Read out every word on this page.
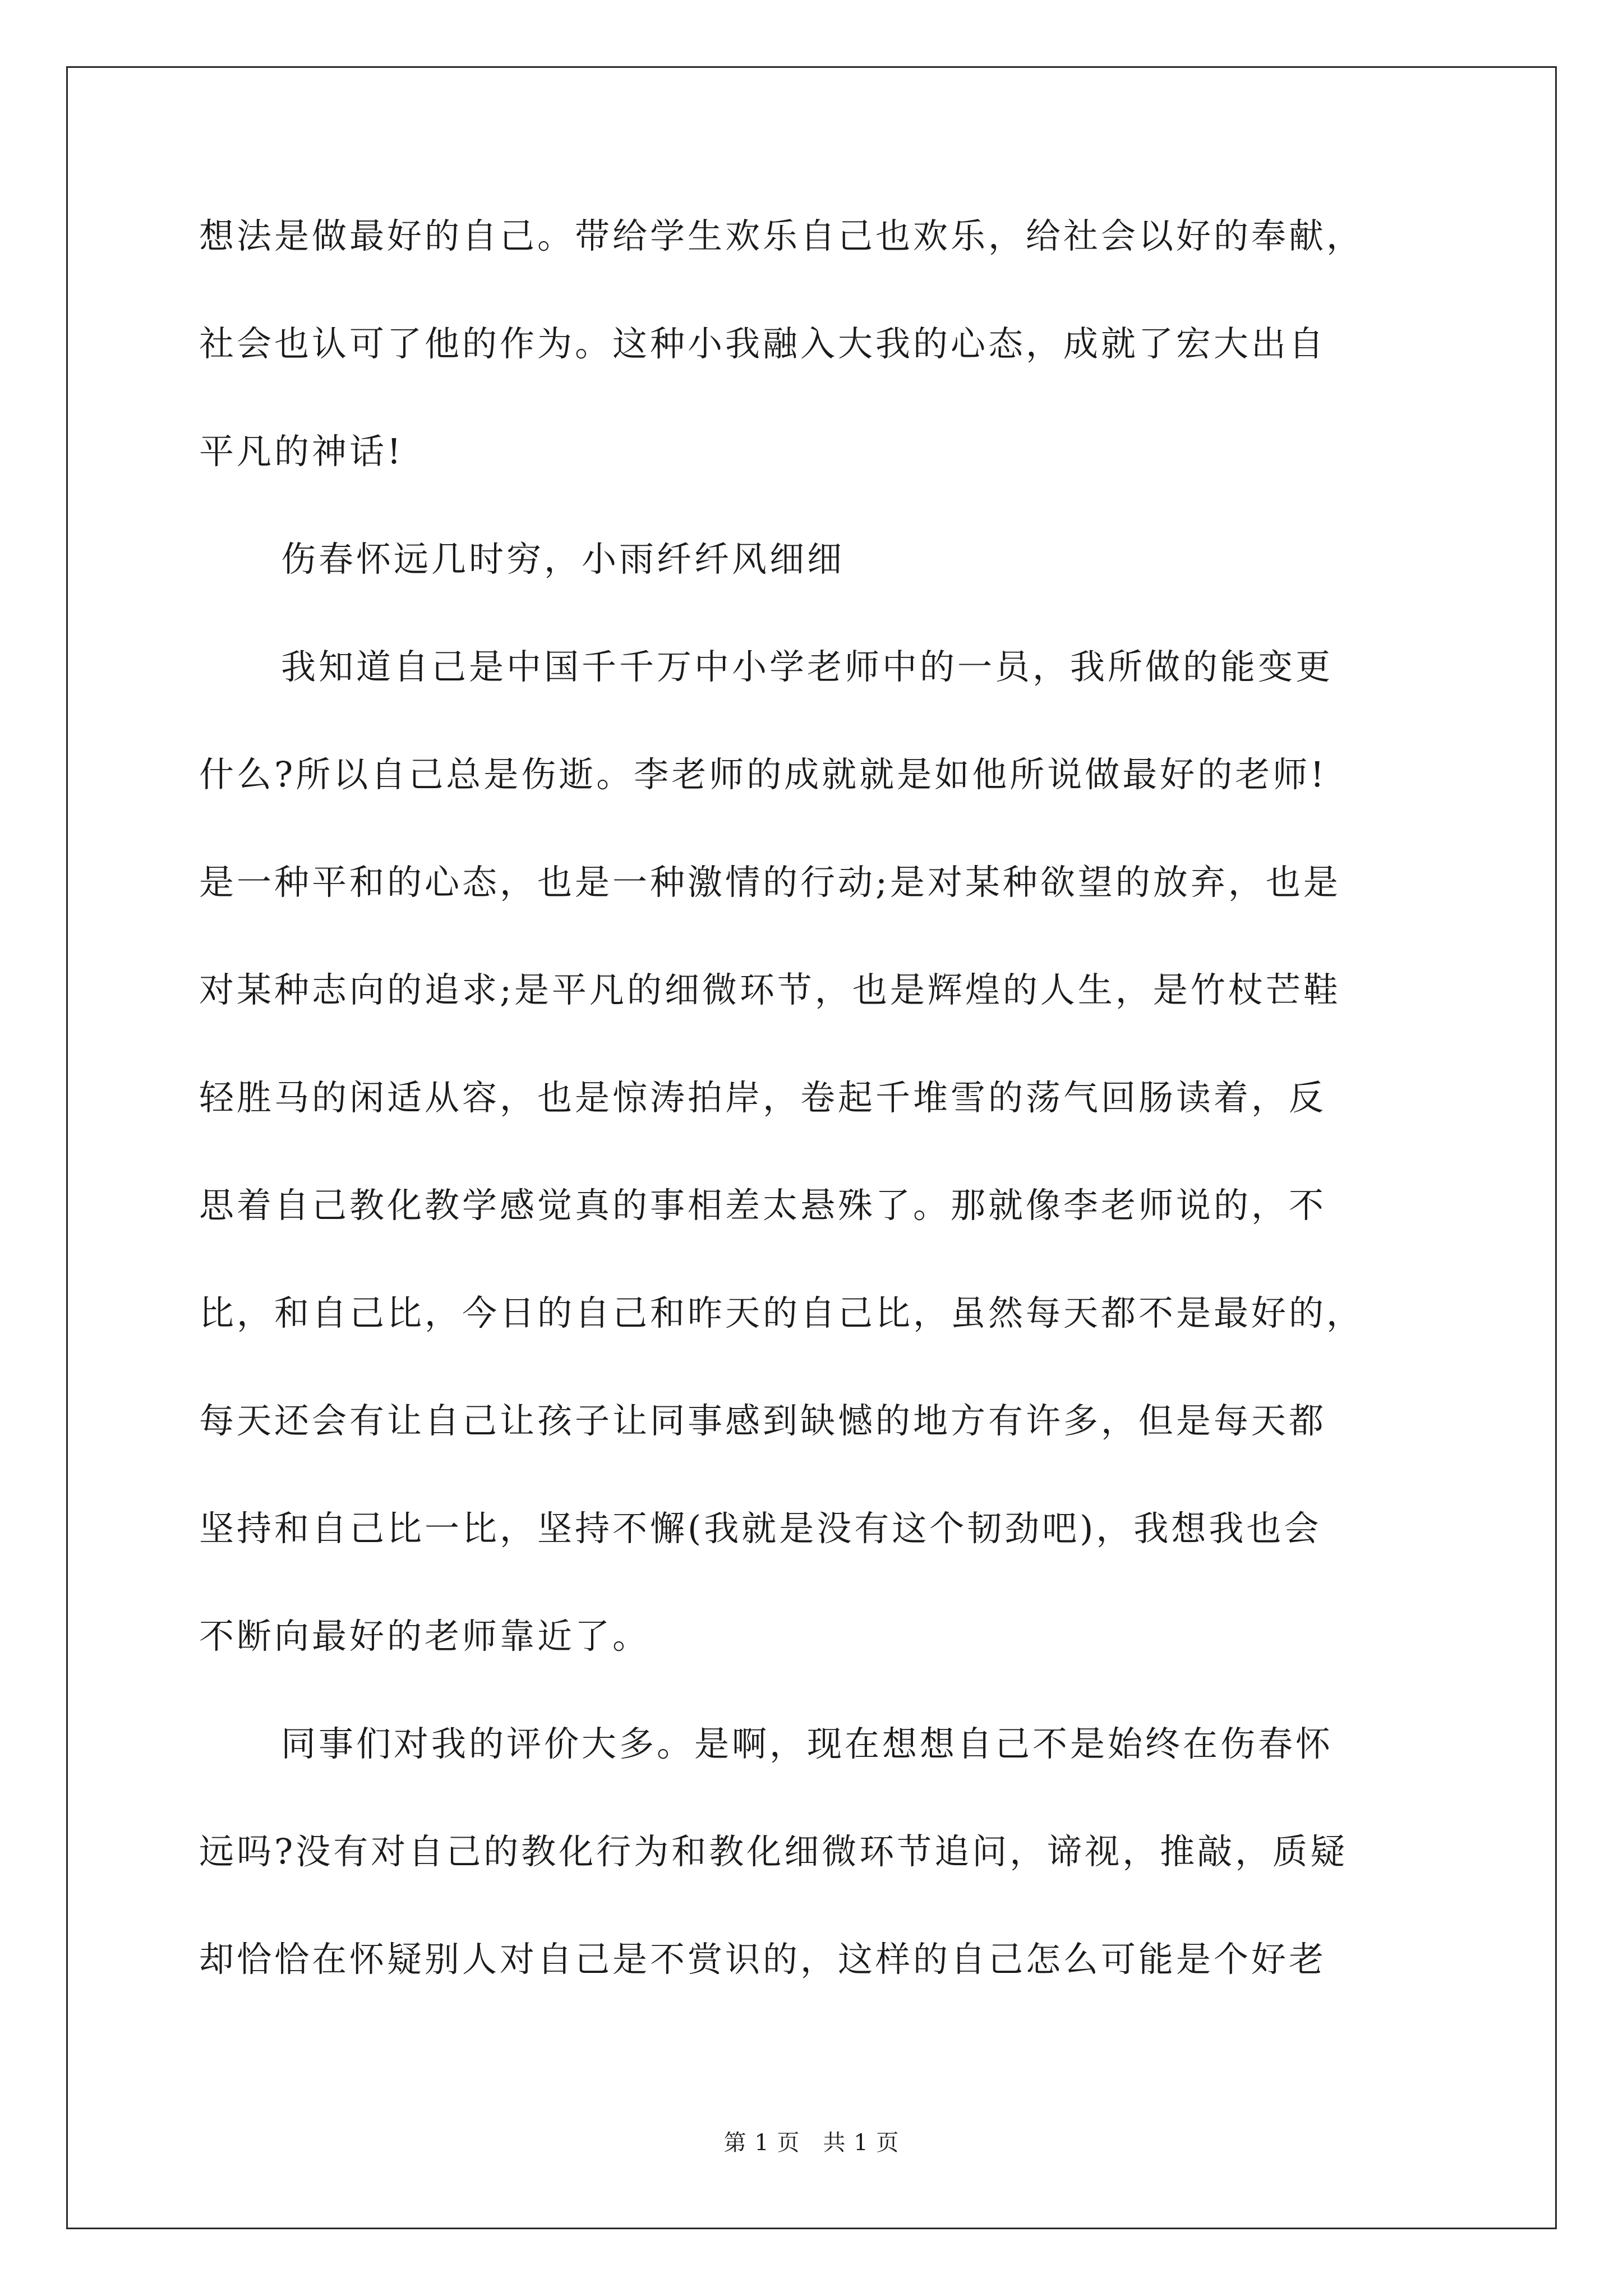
想法是做最好的自己。带给学生欢乐自己也欢乐，给社会以好的奉献，
社会也认可了他的作为。这种小我融入大我的心态，成就了宏大出自
平凡的神话!
伤春怀远几时穷，小雨纤纤风细细
我知道自己是中国千千万中小学老师中的一员，我所做的能变更
什么?所以自己总是伤逝。李老师的成就就是如他所说做最好的老师!
是一种平和的心态，也是一种激情的行动;是对某种欲望的放弃，也是
对某种志向的追求;是平凡的细微环节，也是辉煌的人生，是竹杖芒鞋
轻胜马的闲适从容，也是惊涛拍岸，卷起千堆雪的荡气回肠读着，反
思着自己教化教学感觉真的事相差太悬殊了。那就像李老师说的，不
比，和自己比，今日的自己和昨天的自己比，虽然每天都不是最好的，
每天还会有让自己让孩子让同事感到缺憾的地方有许多，但是每天都
坚持和自己比一比，坚持不懈(我就是没有这个韧劲吧)，我想我也会
不断向最好的老师靠近了。
同事们对我的评价大多。是啊，现在想想自己不是始终在伤春怀
远吗?没有对自己的教化行为和教化细微环节追问，谛视，推敲，质疑
却恰恰在怀疑别人对自己是不赏识的，这样的自己怎么可能是个好老
第 1 页　共 1 页
